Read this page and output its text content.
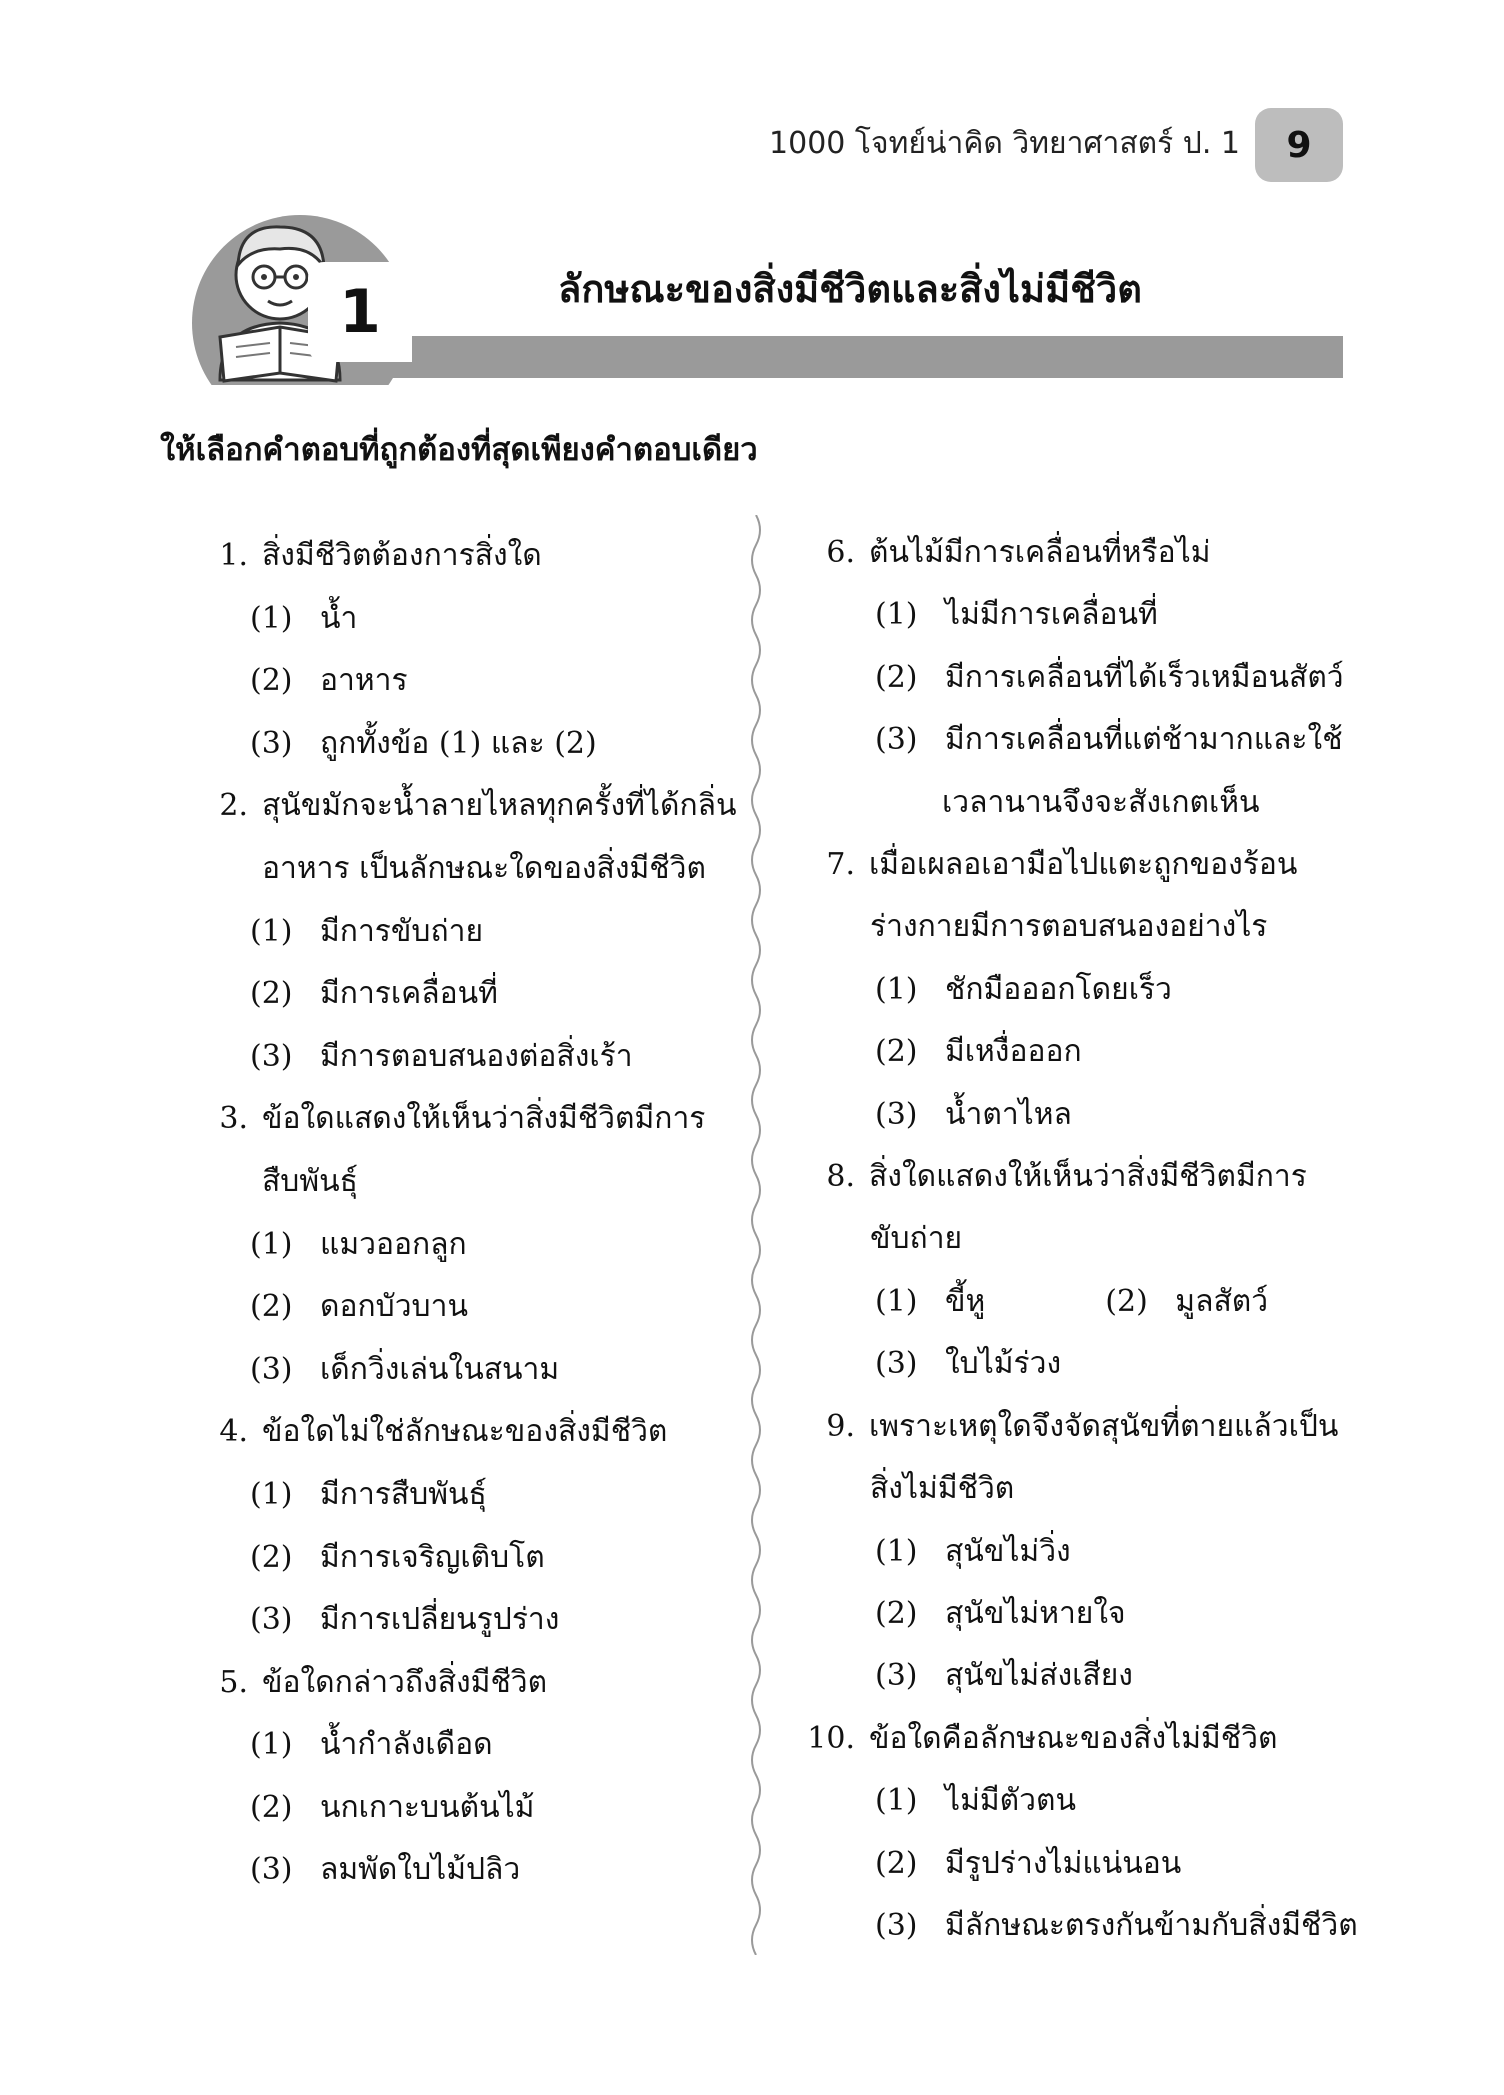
1000 โจทย์น่าคิด วิทยาศาสตร์ ป. 1	9
1	ลักษณะของสิ่งมีชีวิตและสิ่งไม่มีชีวิต
ให้เลือกคำตอบที่ถูกต้องที่สุดเพียงคำตอบเดียว
1. สิ่งมีชีวิตต้องการสิ่งใด
(1) น้ำ
(2) อาหาร
(3) ถูกทั้งข้อ (1) และ (2)
2. สุนัขมักจะน้ำลายไหลทุกครั้งที่ได้กลิ่น
อาหาร เป็นลักษณะใดของสิ่งมีชีวิต
(1) มีการขับถ่าย
(2) มีการเคลื่อนที่
(3) มีการตอบสนองต่อสิ่งเร้า
3. ข้อใดแสดงให้เห็นว่าสิ่งมีชีวิตมีการ
สืบพันธุ์
(1) แมวออกลูก
(2) ดอกบัวบาน
(3) เด็กวิ่งเล่นในสนาม
4. ข้อใดไม่ใช่ลักษณะของสิ่งมีชีวิต
(1) มีการสืบพันธุ์
(2) มีการเจริญเติบโต
(3) มีการเปลี่ยนรูปร่าง
5. ข้อใดกล่าวถึงสิ่งมีชีวิต
(1) น้ำกำลังเดือด
(2) นกเกาะบนต้นไม้
(3) ลมพัดใบไม้ปลิว
6. ต้นไม้มีการเคลื่อนที่หรือไม่
(1) ไม่มีการเคลื่อนที่
(2) มีการเคลื่อนที่ได้เร็วเหมือนสัตว์
(3) มีการเคลื่อนที่แต่ช้ามากและใช้
เวลานานจึงจะสังเกตเห็น
7. เมื่อเผลอเอามือไปแตะถูกของร้อน
ร่างกายมีการตอบสนองอย่างไร
(1) ชักมือออกโดยเร็ว
(2) มีเหงื่อออก
(3) น้ำตาไหล
8. สิ่งใดแสดงให้เห็นว่าสิ่งมีชีวิตมีการ
ขับถ่าย
(1) ขี้หู	(2) มูลสัตว์
(3) ใบไม้ร่วง
9. เพราะเหตุใดจึงจัดสุนัขที่ตายแล้วเป็น
สิ่งไม่มีชีวิต
(1) สุนัขไม่วิ่ง
(2) สุนัขไม่หายใจ
(3) สุนัขไม่ส่งเสียง
10. ข้อใดคือลักษณะของสิ่งไม่มีชีวิต
(1) ไม่มีตัวตน
(2) มีรูปร่างไม่แน่นอน
(3) มีลักษณะตรงกันข้ามกับสิ่งมีชีวิต
